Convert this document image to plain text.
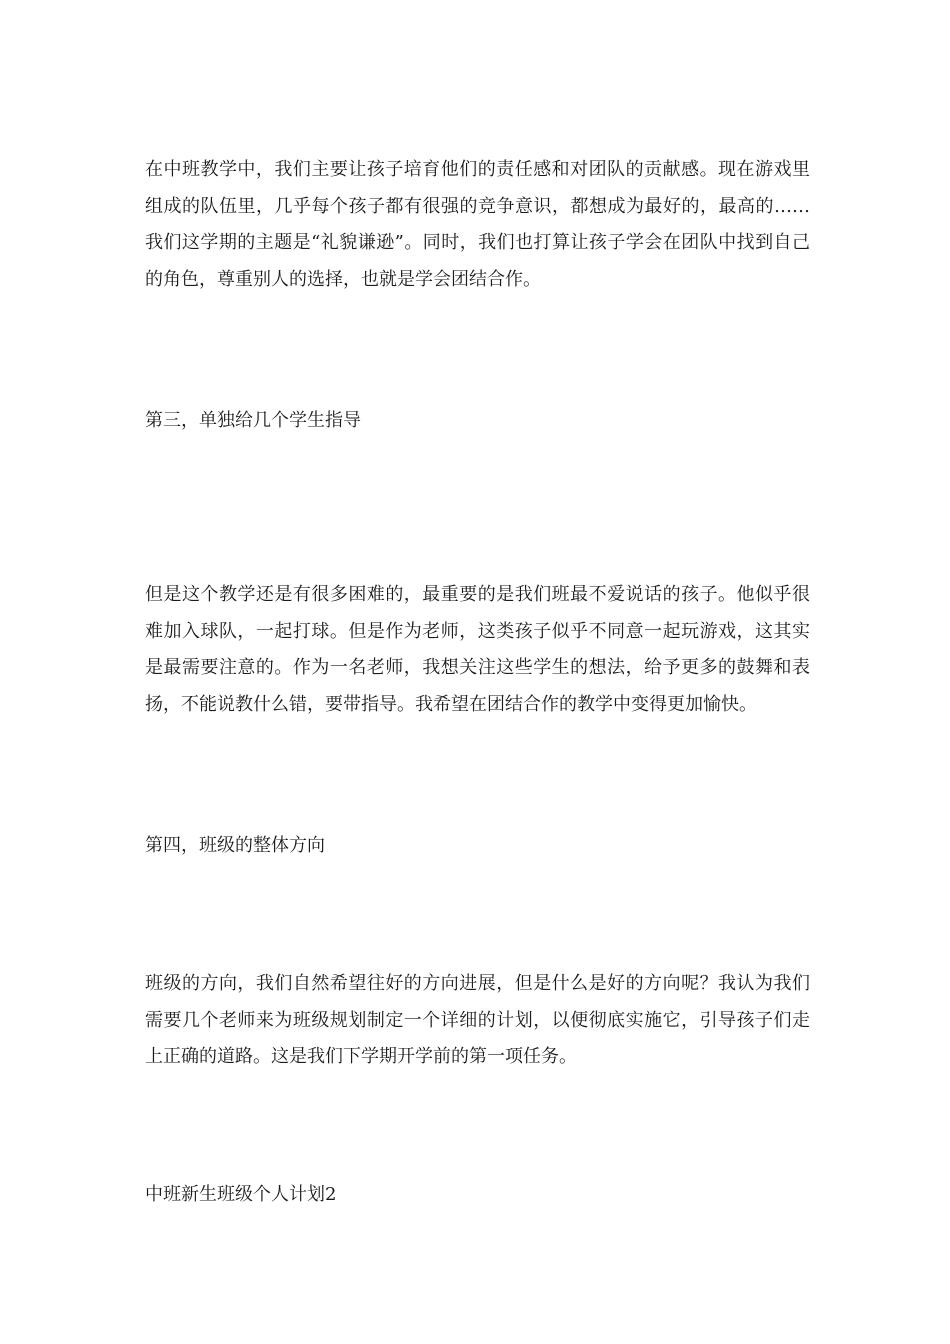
在中班教学中，我们主要让孩子培育他们的责任感和对团队的贡献感。现在游戏里组成的队伍里，几乎每个孩子都有很强的竞争意识，都想成为最好的，最高的……我们这学期的主题是“礼貌谦逊”。同时，我们也打算让孩子学会在团队中找到自己的角色，尊重别人的选择，也就是学会团结合作。

第三，单独给几个学生指导

但是这个教学还是有很多困难的，最重要的是我们班最不爱说话的孩子。他似乎很难加入球队，一起打球。但是作为老师，这类孩子似乎不同意一起玩游戏，这其实是最需要注意的。作为一名老师，我想关注这些学生的想法，给予更多的鼓舞和表扬，不能说教什么错，要带指导。我希望在团结合作的教学中变得更加愉快。

第四，班级的整体方向

班级的方向，我们自然希望往好的方向进展，但是什么是好的方向呢？我认为我们需要几个老师来为班级规划制定一个详细的计划，以便彻底实施它，引导孩子们走上正确的道路。这是我们下学期开学前的第一项任务。

中班新生班级个人计划2
